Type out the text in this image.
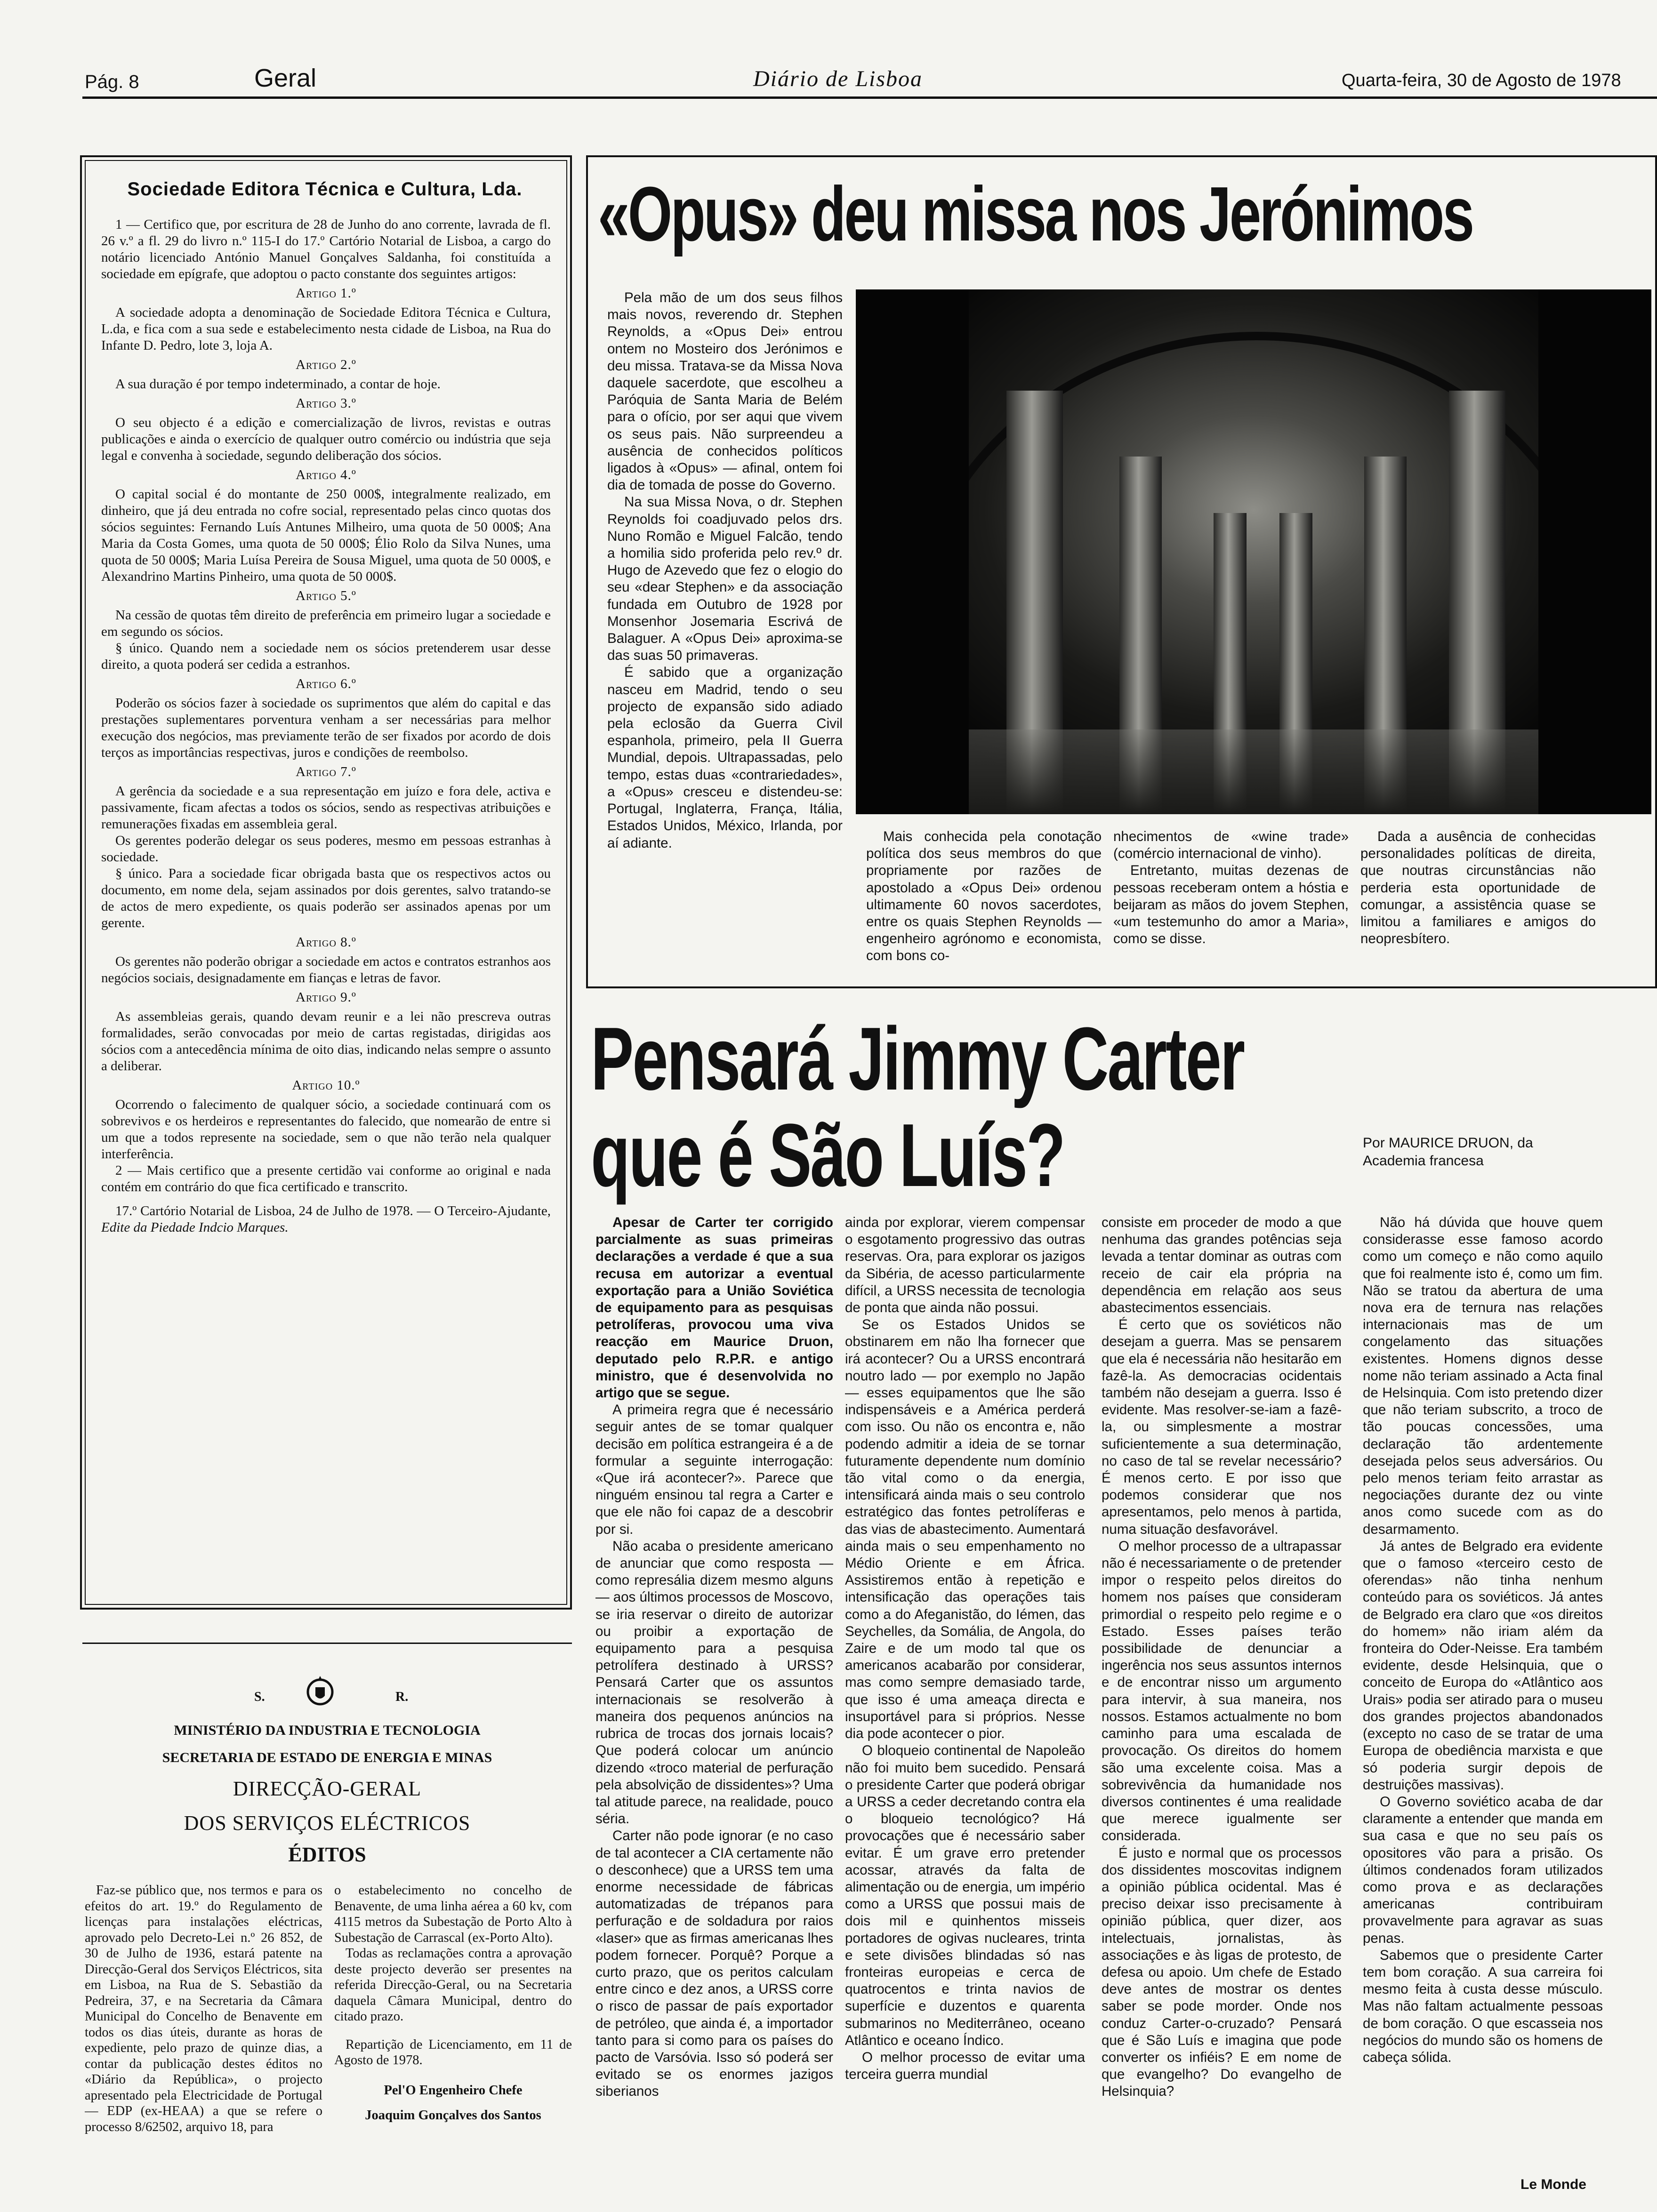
Pág. 8	Geral	Diário de Lisboa	Quarta-feira, 30 de Agosto de 1978
Sociedade Editora Técnica e Cultura, Lda.

1 — Certifico que, por escritura de 28 de Junho do ano corrente, lavrada de fl. 26 v.º a fl. 29 do livro n.º 115-I do 17.º Cartório Notarial de Lisboa, a cargo do notário licenciado António Manuel Gonçalves Saldanha, foi constituída a sociedade em epígrafe, que adoptou o pacto constante dos seguintes artigos:

Artigo 1.º

A sociedade adopta a denominação de Sociedade Editora Técnica e Cultura, L.da, e fica com a sua sede e estabelecimento nesta cidade de Lisboa, na Rua do Infante D. Pedro, lote 3, loja A.

Artigo 2.º

A sua duração é por tempo indeterminado, a contar de hoje.

Artigo 3.º

O seu objecto é a edição e comercialização de livros, revistas e outras publicações e ainda o exercício de qualquer outro comércio ou indústria que seja legal e convenha à sociedade, segundo deliberação dos sócios.

Artigo 4.º

O capital social é do montante de 250 000$, integralmente realizado, em dinheiro, que já deu entrada no cofre social, representado pelas cinco quotas dos sócios seguintes: Fernando Luís Antunes Milheiro, uma quota de 50 000$; Ana Maria da Costa Gomes, uma quota de 50 000$; Élio Rolo da Silva Nunes, uma quota de 50 000$; Maria Luísa Pereira de Sousa Miguel, uma quota de 50 000$, e Alexandrino Martins Pinheiro, uma quota de 50 000$.

Artigo 5.º

Na cessão de quotas têm direito de preferência em primeiro lugar a sociedade e em segundo os sócios.

§ único. Quando nem a sociedade nem os sócios pretenderem usar desse direito, a quota poderá ser cedida a estranhos.

Artigo 6.º

Poderão os sócios fazer à sociedade os suprimentos que além do capital e das prestações suplementares porventura venham a ser necessárias para melhor execução dos negócios, mas previamente terão de ser fixados por acordo de dois terços as importâncias respectivas, juros e condições de reembolso.

Artigo 7.º

A gerência da sociedade e a sua representação em juízo e fora dele, activa e passivamente, ficam afectas a todos os sócios, sendo as respectivas atribuições e remunerações fixadas em assembleia geral.

Os gerentes poderão delegar os seus poderes, mesmo em pessoas estranhas à sociedade.

§ único. Para a sociedade ficar obrigada basta que os respectivos actos ou documento, em nome dela, sejam assinados por dois gerentes, salvo tratando-se de actos de mero expediente, os quais poderão ser assinados apenas por um gerente.

Artigo 8.º

Os gerentes não poderão obrigar a sociedade em actos e contratos estranhos aos negócios sociais, designadamente em fianças e letras de favor.

Artigo 9.º

As assembleias gerais, quando devam reunir e a lei não prescreva outras formalidades, serão convocadas por meio de cartas registadas, dirigidas aos sócios com a antecedência mínima de oito dias, indicando nelas sempre o assunto a deliberar.

Artigo 10.º

Ocorrendo o falecimento de qualquer sócio, a sociedade continuará com os sobrevivos e os herdeiros e representantes do falecido, que nomearão de entre si um que a todos represente na sociedade, sem o que não terão nela qualquer interferência.

2 — Mais certifico que a presente certidão vai conforme ao original e nada contém em contrário do que fica certificado e transcrito.

17.º Cartório Notarial de Lisboa, 24 de Julho de 1978. — O Terceiro-Ajudante, Edite da Piedade Indcio Marques.

S.	R.
MINISTÉRIO DA INDUSTRIA E TECNOLOGIA
SECRETARIA DE ESTADO DE ENERGIA E MINAS
DIRECÇÃO-GERAL
DOS SERVIÇOS ELÉCTRICOS
ÉDITOS

Faz-se público que, nos termos e para os efeitos do art. 19.º do Regulamento de licenças para instalações eléctricas, aprovado pelo Decreto-Lei n.º 26 852, de 30 de Julho de 1936, estará patente na Direcção-Geral dos Serviços Eléctricos, sita em Lisboa, na Rua de S. Sebastião da Pedreira, 37, e na Secretaria da Câmara Municipal do Concelho de Benavente em todos os dias úteis, durante as horas de expediente, pelo prazo de quinze dias, a contar da publicação destes éditos no «Diário da República», o projecto apresentado pela Electricidade de Portugal — EDP (ex-HEAA) a que se refere o processo 8/62502, arquivo 18, para

o estabelecimento no concelho de Benavente, de uma linha aérea a 60 kv, com 4115 metros da Subestação de Porto Alto à Subestação de Carrascal (ex-Porto Alto).

Todas as reclamações contra a aprovação deste projecto deverão ser presentes na referida Direcção-Geral, ou na Secretaria daquela Câmara Municipal, dentro do citado prazo.

Repartição de Licenciamento, em 11 de Agosto de 1978.

Pel'O Engenheiro Chefe

Joaquim Gonçalves dos Santos

«Opus» deu missa nos Jerónimos

Pela mão de um dos seus filhos mais novos, reverendo dr. Stephen Reynolds, a «Opus Dei» entrou ontem no Mosteiro dos Jerónimos e deu missa. Tratava-se da Missa Nova daquele sacerdote, que escolheu a Paróquia de Santa Maria de Belém para o ofício, por ser aqui que vivem os seus pais. Não surpreendeu a ausência de conhecidos políticos ligados à «Opus» — afinal, ontem foi dia de tomada de posse do Governo.

Na sua Missa Nova, o dr. Stephen Reynolds foi coadjuvado pelos drs. Nuno Romão e Miguel Falcão, tendo a homilia sido proferida pelo rev.º dr. Hugo de Azevedo que fez o elogio do seu «dear Stephen» e da associação fundada em Outubro de 1928 por Monsenhor Josemaria Escrivá de Balaguer. A «Opus Dei» aproxima-se das suas 50 primaveras.

É sabido que a organização nasceu em Madrid, tendo o seu projecto de expansão sido adiado pela eclosão da Guerra Civil espanhola, primeiro, pela II Guerra Mundial, depois. Ultrapassadas, pelo tempo, estas duas «contrariedades», a «Opus» cresceu e distendeu-se: Portugal, Inglaterra, França, Itália, Estados Unidos, México, Irlanda, por aí adiante.	Mais conhecida pela conotação política dos seus membros do que propriamente por razões de apostolado a «Opus Dei» ordenou ultimamente 60 novos sacerdotes, entre os quais Stephen Reynolds — engenheiro agrónomo e economista, com bons co-

nhecimentos de «wine trade» (comércio internacional de vinho).

Entretanto, muitas dezenas de pessoas receberam ontem a hóstia e beijaram as mãos do jovem Stephen, «um testemunho do amor a Maria», como se disse.

Dada a ausência de conhecidas personalidades políticas de direita, que noutras circunstâncias não perderia esta oportunidade de comungar, a assistência quase se limitou a familiares e amigos do neopresbítero.

Pensará Jimmy Carter
que é São Luís?	Por MAURICE DRUON, da Academia francesa

Apesar de Carter ter corrigido parcialmente as suas primeiras declarações a verdade é que a sua recusa em autorizar a eventual exportação para a União Soviética de equipamento para as pesquisas petrolíferas, provocou uma viva reacção em Maurice Druon, deputado pelo R.P.R. e antigo ministro, que é desenvolvida no artigo que se segue.

A primeira regra que é necessário seguir antes de se tomar qualquer decisão em política estrangeira é a de formular a seguinte interrogação: «Que irá acontecer?». Parece que ninguém ensinou tal regra a Carter e que ele não foi capaz de a descobrir por si.

Não acaba o presidente americano de anunciar que como resposta — como represália dizem mesmo alguns — aos últimos processos de Moscovo, se iria reservar o direito de autorizar ou proibir a exportação de equipamento para a pesquisa petrolífera destinado à URSS? Pensará Carter que os assuntos internacionais se resolverão à maneira dos pequenos anúncios na rubrica de trocas dos jornais locais? Que poderá colocar um anúncio dizendo «troco material de perfuração pela absolvição de dissidentes»? Uma tal atitude parece, na realidade, pouco séria.

Carter não pode ignorar (e no caso de tal acontecer a CIA certamente não o desconhece) que a URSS tem uma enorme necessidade de fábricas automatizadas de trépanos para perfuração e de soldadura por raios «laser» que as firmas americanas lhes podem fornecer. Porquê? Porque a curto prazo, que os peritos calculam entre cinco e dez anos, a URSS corre o risco de passar de país exportador de petróleo, que ainda é, a importador tanto para si como para os países do pacto de Varsóvia. Isso só poderá ser evitado se os enormes jazigos siberianos

ainda por explorar, vierem compensar o esgotamento progressivo das outras reservas. Ora, para explorar os jazigos da Sibéria, de acesso particularmente difícil, a URSS necessita de tecnologia de ponta que ainda não possui.

Se os Estados Unidos se obstinarem em não lha fornecer que irá acontecer? Ou a URSS encontrará noutro lado — por exemplo no Japão — esses equipamentos que lhe são indispensáveis e a América perderá com isso. Ou não os encontra e, não podendo admitir a ideia de se tornar futuramente dependente num domínio tão vital como o da energia, intensificará ainda mais o seu controlo estratégico das fontes petrolíferas e das vias de abastecimento. Aumentará ainda mais o seu empenhamento no Médio Oriente e em África. Assistiremos então à repetição e intensificação das operações tais como a do Afeganistão, do Iémen, das Seychelles, da Somália, de Angola, do Zaire e de um modo tal que os americanos acabarão por considerar, mas como sempre demasiado tarde, que isso é uma ameaça directa e insuportável para si próprios. Nesse dia pode acontecer o pior.

O bloqueio continental de Napoleão não foi muito bem sucedido. Pensará o presidente Carter que poderá obrigar a URSS a ceder decretando contra ela o bloqueio tecnológico? Há provocações que é necessário saber evitar. É um grave erro pretender acossar, através da falta de alimentação ou de energia, um império como a URSS que possui mais de dois mil e quinhentos misseis portadores de ogivas nucleares, trinta e sete divisões blindadas só nas fronteiras europeias e cerca de quatrocentos e trinta navios de superfície e duzentos e quarenta submarinos no Mediterrâneo, oceano Atlântico e oceano Índico.

O melhor processo de evitar uma terceira guerra mundial

consiste em proceder de modo a que nenhuma das grandes potências seja levada a tentar dominar as outras com receio de cair ela própria na dependência em relação aos seus abastecimentos essenciais.

É certo que os soviéticos não desejam a guerra. Mas se pensarem que ela é necessária não hesitarão em fazê-la. As democracias ocidentais também não desejam a guerra. Isso é evidente. Mas resolver-se-iam a fazê-la, ou simplesmente a mostrar suficientemente a sua determinação, no caso de tal se revelar necessário? É menos certo. E por isso que podemos considerar que nos apresentamos, pelo menos à partida, numa situação desfavorável.

O melhor processo de a ultrapassar não é necessariamente o de pretender impor o respeito pelos direitos do homem nos países que consideram primordial o respeito pelo regime e o Estado. Esses países terão possibilidade de denunciar a ingerência nos seus assuntos internos e de encontrar nisso um argumento para intervir, à sua maneira, nos nossos. Estamos actualmente no bom caminho para uma escalada de provocação. Os direitos do homem são uma excelente coisa. Mas a sobrevivência da humanidade nos diversos continentes é uma realidade que merece igualmente ser considerada.

É justo e normal que os processos dos dissidentes moscovitas indignem a opinião pública ocidental. Mas é preciso deixar isso precisamente à opinião pública, quer dizer, aos intelectuais, jornalistas, às associações e às ligas de protesto, de defesa ou apoio. Um chefe de Estado deve antes de mostrar os dentes saber se pode morder. Onde nos conduz Carter-o-cruzado? Pensará que é São Luís e imagina que pode converter os infiéis? E em nome de que evangelho? Do evangelho de Helsinquia?

Não há dúvida que houve quem considerasse esse famoso acordo como um começo e não como aquilo que foi realmente isto é, como um fim. Não se tratou da abertura de uma nova era de ternura nas relações internacionais mas de um congelamento das situações existentes. Homens dignos desse nome não teriam assinado a Acta final de Helsinquia. Com isto pretendo dizer que não teriam subscrito, a troco de tão poucas concessões, uma declaração tão ardentemente desejada pelos seus adversários. Ou pelo menos teriam feito arrastar as negociações durante dez ou vinte anos como sucede com as do desarmamento.

Já antes de Belgrado era evidente que o famoso «terceiro cesto de oferendas» não tinha nenhum conteúdo para os soviéticos. Já antes de Belgrado era claro que «os direitos do homem» não iriam além da fronteira do Oder-Neisse. Era também evidente, desde Helsinquia, que o conceito de Europa do «Atlântico aos Urais» podia ser atirado para o museu dos grandes projectos abandonados (excepto no caso de se tratar de uma Europa de obediência marxista e que só poderia surgir depois de destruições massivas).

O Governo soviético acaba de dar claramente a entender que manda em sua casa e que no seu país os opositores vão para a prisão. Os últimos condenados foram utilizados como prova e as declarações americanas contribuiram provavelmente para agravar as suas penas.

Sabemos que o presidente Carter tem bom coração. A sua carreira foi mesmo feita à custa desse músculo. Mas não faltam actualmente pessoas de bom coração. O que escasseia nos negócios do mundo são os homens de cabeça sólida.

Le Monde
